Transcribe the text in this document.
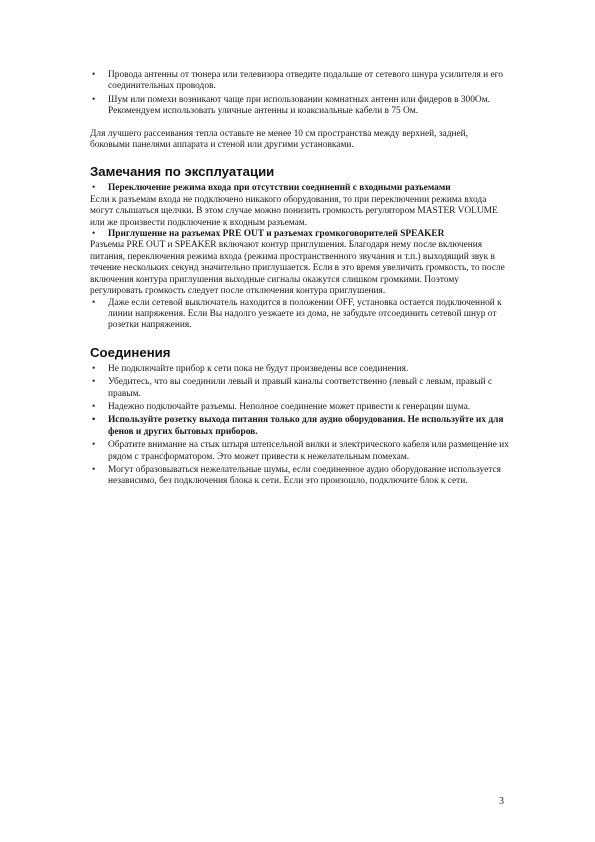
• Провода антенны от тюнера или телевизора отведите подальше от сетевого шнура усилителя и его соединительных проводов.
• Шум или помехи возникают чаще при использовании комнатных антенн или фидеров в 300Ом. Рекомендуем использовать уличные антенны и коаксиальные кабели в 75 Ом.

Для лучшего рассеивания тепла оставьте не менее 10 см пространства между верхней, задней, боковыми панелями аппарата и стеной или другими установками.

Замечания по эксплуатации
• Переключение режима входа при отсутствии соединений с входными разъемами

Если к разъемам входа не подключено никакого оборудования, то при переключении режима входа могут слышаться щелчки. В этом случае можно понизить громкость регулятором MASTER VOLUME или же произвести подключение к входным разъемам.

• Приглушение на разъемах PRE OUT и разъемах громкоговорителей SPEAKER

Разъемы PRE OUT и SPEAKER включают контур приглушения. Благодаря нему после включения питания, переключения режима входа (режима пространственного звучания и т.п.) выходящий звук в течение нескольких секунд значительно приглушается. Если в это время увеличить громкость, то после включения контура приглушения выходные сигналы окажутся слишком громкими. Поэтому регулировать громкость следует после отключения контура приглушения.

• Даже если сетевой выключатель находится в положении OFF, установка остается подключенной к линии напряжения. Если Вы надолго уезжаете из дома, не забудьте отсоединить сетевой шнур от розетки напряжения.
Соединения
• Не подключайте прибор к сети пока не будут произведены все соединения.
• Убедитесь, что вы соединили левый и правый каналы соответственно (левый с левым, правый с правым.
• Надежно подключайте разъемы. Неполное соединение может привести к генерации шума.
• Используйте розетку выхода питания только для аудио оборудования. Не используйте их для фенов и других бытовых приборов.
• Обратите внимание на стык штыря штепсельной вилки и электрического кабеля или размещение их рядом с трансформатором. Это может привести к нежелательным помехам.
• Могут образовываться нежелательные шумы, если соединенное аудио оборудование используется независимо, без подключения блока к сети. Если это произошло, подключите блок к сети.
3
